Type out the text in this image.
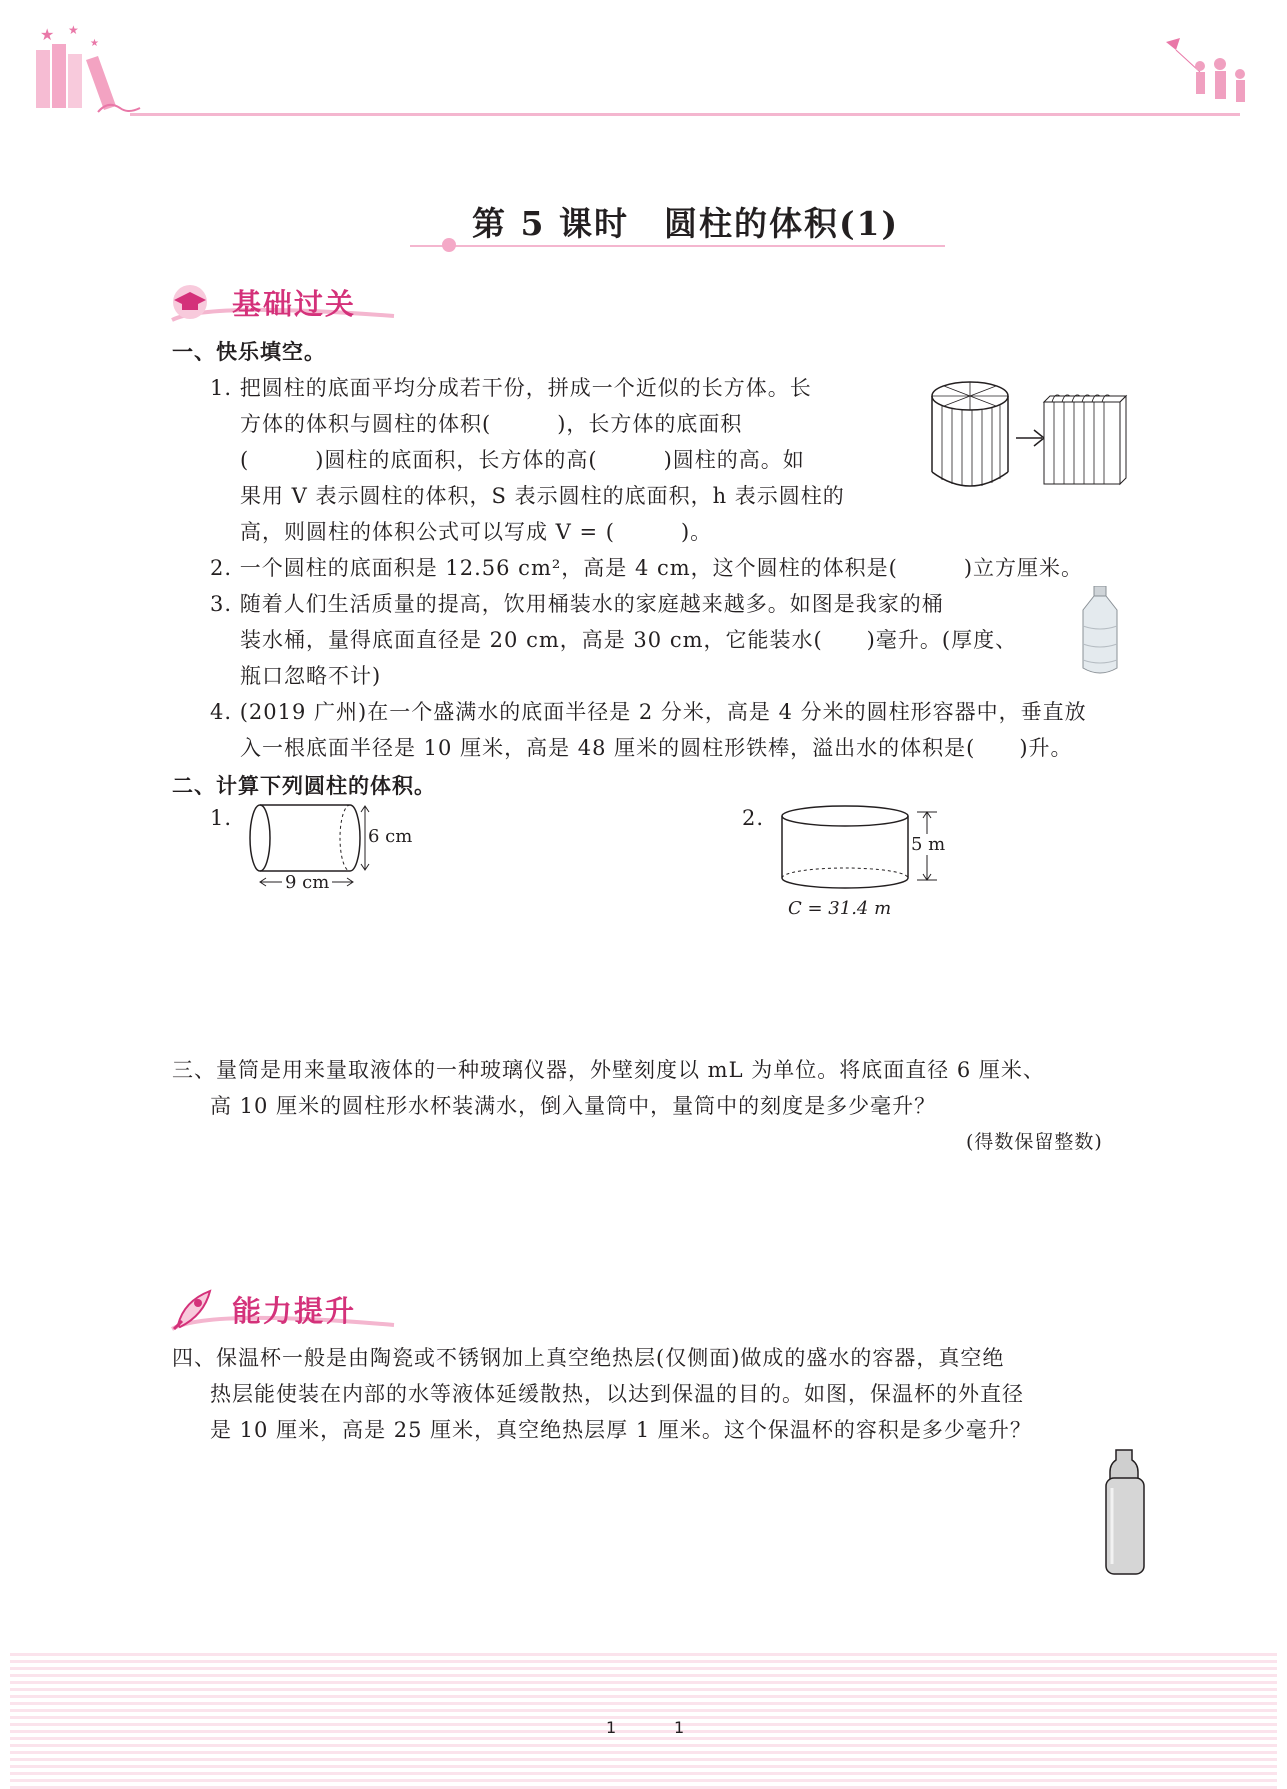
★ ★
★
第 5 课时　圆柱的体积(1)
基础过关
一、快乐填空。
1. 把圆柱的底面平均分成若干份，拼成一个近似的长方体。长
方体的体积与圆柱的体积(　　　)，长方体的底面积
(　　　)圆柱的底面积，长方体的高(　　　)圆柱的高。如
果用 V 表示圆柱的体积，S 表示圆柱的底面积，h 表示圆柱的
高，则圆柱的体积公式可以写成 V = (　　　)。
2. 一个圆柱的底面积是 12.56 cm²，高是 4 cm，这个圆柱的体积是(　　　)立方厘米。
3. 随着人们生活质量的提高，饮用桶装水的家庭越来越多。如图是我家的桶
装水桶，量得底面直径是 20 cm，高是 30 cm，它能装水(　　)毫升。(厚度、
瓶口忽略不计)
4. (2019 广州)在一个盛满水的底面半径是 2 分米，高是 4 分米的圆柱形容器中，垂直放
入一根底面半径是 10 厘米，高是 48 厘米的圆柱形铁棒，溢出水的体积是(　　)升。
二、计算下列圆柱的体积。
1.
6 cm
9 cm
2.
5 m
C = 31.4 m
三、量筒是用来量取液体的一种玻璃仪器，外壁刻度以 mL 为单位。将底面直径 6 厘米、
高 10 厘米的圆柱形水杯装满水，倒入量筒中，量筒中的刻度是多少毫升？
(得数保留整数)
能力提升
四、保温杯一般是由陶瓷或不锈钢加上真空绝热层(仅侧面)做成的盛水的容器，真空绝
热层能使装在内部的水等液体延缓散热，以达到保温的目的。如图，保温杯的外直径
是 10 厘米，高是 25 厘米，真空绝热层厚 1 厘米。这个保温杯的容积是多少毫升？
1	1
